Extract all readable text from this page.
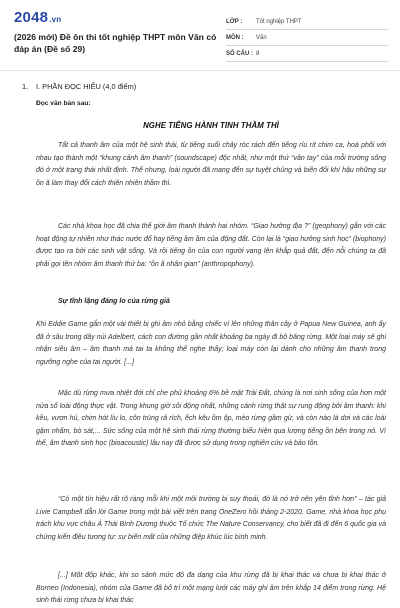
2048.vn
(2026 mới) Đề ôn thi tốt nghiệp THPT môn Văn có đáp án (Đề số 29)
LỚP :	Tốt nghiệp THPT
MÔN :	Văn
SỐ CÂU : 8
1. I. PHẦN ĐỌC HIỂU (4,0 điểm)
Đọc văn bản sau:
NGHE TIẾNG HÀNH TINH THẦM THÌ

Tất cả thanh âm của một hệ sinh thái, từ tiếng suối chảy róc rách đến tiếng ríu rít chim ca, hoà phối với nhau tạo thành một “khung cảnh âm thanh” (soundscape) độc nhất, như một thứ “vân tay” của mỗi trường sống đó ở một trạng thái nhất định. Thế nhưng, loài người đã mang đến sự tuyệt chủng và biến đổi khí hậu những sự ồn ã làm thay đổi cách thiên nhiên thầm thì.

Các nhà khoa học đã chia thế giới âm thanh thành hai nhóm. “Giao hưởng địa ?” (geophony) gắn với các hoạt động tự nhiên như thác nước đổ hay tiếng ầm ầm của động đất. Còn lại là “giao hưởng sinh học” (biophony) được tạo ra bởi các sinh vật sống. Và rồi tiếng ồn của con người vang lên khắp quả đất, đến nỗi chúng ta đã phải gọi tên nhóm âm thanh thứ ba: “ồn ã nhân gian” (anthropophony).

Sự tĩnh lặng đáng lo của rừng già

Khi Eddie Game gắn một vài thiết bị ghi âm nhỏ bằng chiếc ví lên những thân cây ở Papua New Guinea, anh ấy đã ở sâu trong dãy núi Adelbert, cách con đường gần nhất khoảng ba ngày đi bộ băng rừng. Một loại máy sẽ ghi nhận siêu âm – âm thanh mà tai ta không thể nghe thấy; loại máy còn lại dành cho những âm thanh trong ngưỡng nghe của tai người. [...]

Mặc dù rừng mưa nhiệt đới chỉ che phủ khoảng 6% bề mặt Trái Đất, chúng là nơi sinh sống của hơn một nửa số loài động thực vật. Trong khung giờ sôi động nhất, những cánh rừng thật sự rung động bởi âm thanh: khi kều, vượn hú, chim hót líu lo, côn trùng rả rích, ếch kêu ồm ộp, mèo rừng gầm gừ, và còn nào là dơi và các loài gặm nhấm, bò sát,... Sức sống của một hệ sinh thái rừng thường biểu hiện qua lượng tiếng ồn bên trong nó. Vì thế, âm thanh sinh học (bioacoustic) lâu nay đã được sử dụng trong nghiên cứu và bảo tồn.

“Có một tín hiệu rất rõ ràng mỗi khi một môi trường bị suy thoái, đó là nó trở nên yên tĩnh hơn” – tác giả Livie Campbell dẫn lời Game trong một bài viết trên trang OneZero hồi tháng 2-2020. Game, nhà khoa học phụ trách khu vực châu Á Thái Bình Dương thuộc Tổ chức The Nature Conservancy, cho biết đã đi đến 6 quốc gia và chứng kiến điều tương tự: sự biến mất của những điệp khúc lúc bình minh.

[...] Một độp khác, khi so sánh mức độ đa dạng của khu rừng đã bị khai thác và chưa bị khai thác ở Borneo (Indonesia), nhóm của Game đã bố trí một mạng lưới các máy ghi âm trên khắp 14 điểm trong rừng. Hệ sinh thái rừng chưa bị khai thác
